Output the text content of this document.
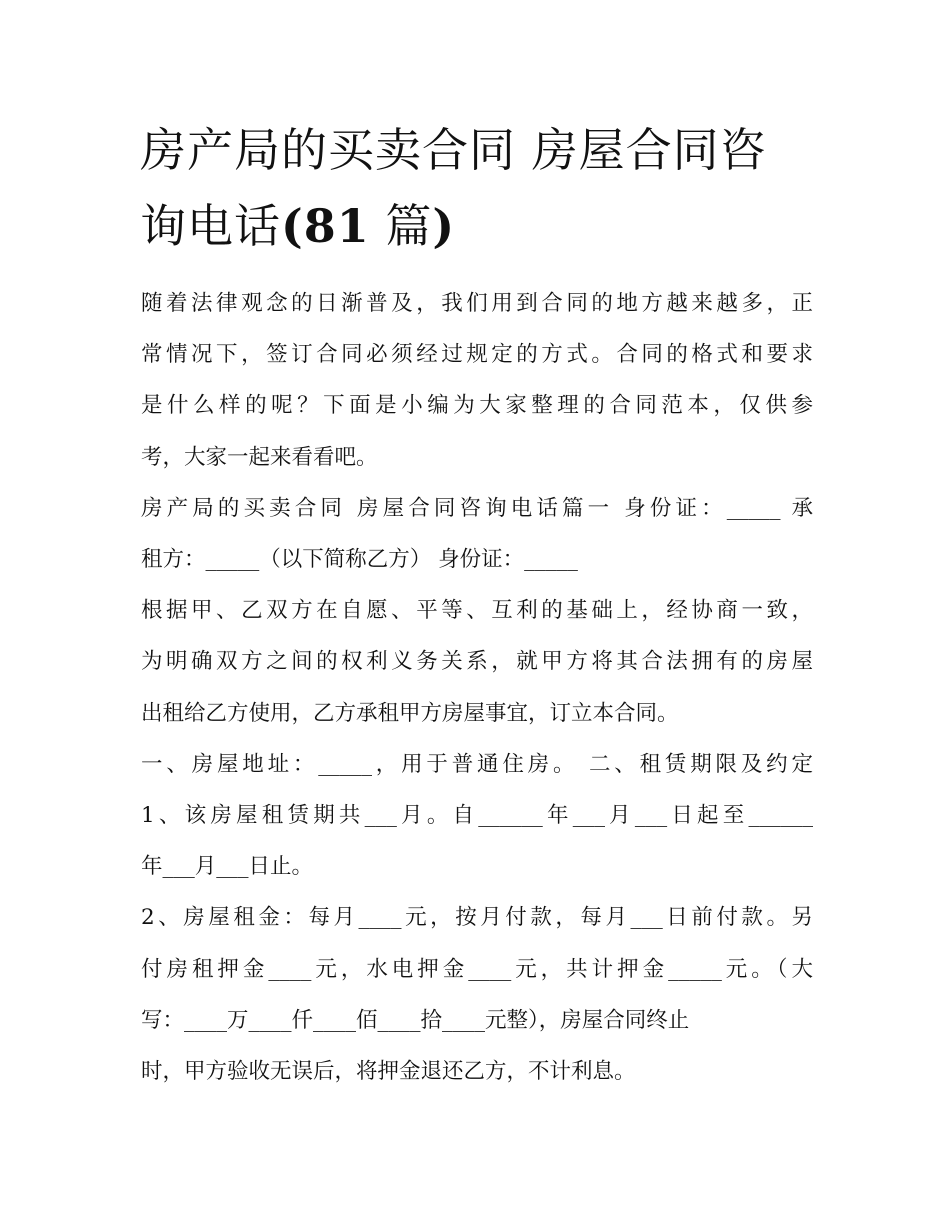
房产局的买卖合同 房屋合同咨
询电话(81 篇)
随着法律观念的日渐普及，我们用到合同的地方越来越多，正
常情况下，签订合同必须经过规定的方式。合同的格式和要求
是什么样的呢？下面是小编为大家整理的合同范本，仅供参
考，大家一起来看看吧。
房产局的买卖合同 房屋合同咨询电话篇一 身份证：_____ 承
租方：_____（以下简称乙方） 身份证：_____
根据甲、乙双方在自愿、平等、互利的基础上，经协商一致，
为明确双方之间的权利义务关系，就甲方将其合法拥有的房屋
出租给乙方使用，乙方承租甲方房屋事宜，订立本合同。
一、房屋地址：_____，用于普通住房。 二、租赁期限及约定
1、该房屋租赁期共___月。自______年___月___日起至______
年___月___日止。
2、房屋租金：每月____元，按月付款，每月___日前付款。另
付房租押金____元，水电押金____元，共计押金_____元。（大
写：____万____仟____佰____拾____元整），房屋合同终止
时，甲方验收无误后，将押金退还乙方，不计利息。
